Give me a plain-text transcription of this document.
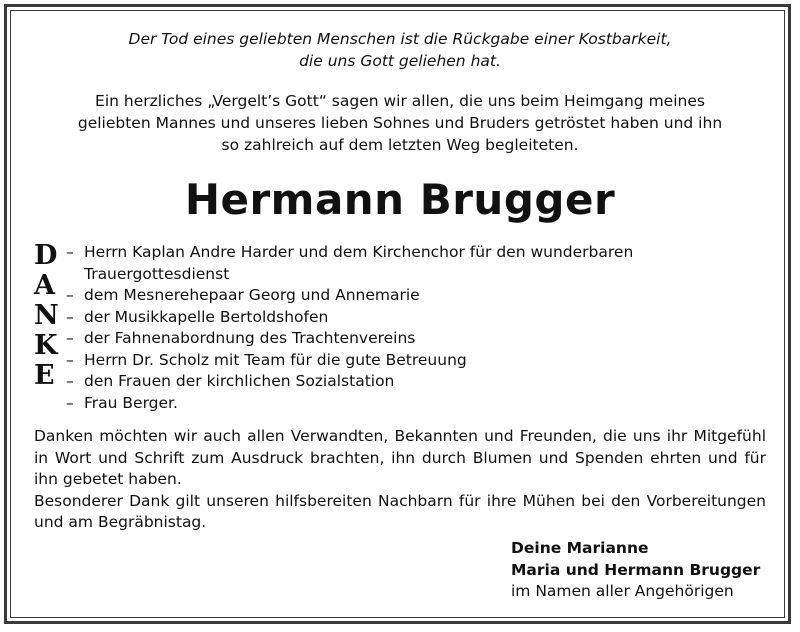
Der Tod eines geliebten Menschen ist die Rückgabe einer Kostbarkeit,
die uns Gott geliehen hat.
Ein herzliches „Vergelt’s Gott“ sagen wir allen, die uns beim Heimgang meines
geliebten Mannes und unseres lieben Sohnes und Bruders getröstet haben und ihn
so zahlreich auf dem letzten Weg begleiteten.
Hermann Brugger
D
A
N
K
E
– Herrn Kaplan Andre Harder und dem Kirchenchor für den wunderbaren Trauergottesdienst
– dem Mesnerehepaar Georg und Annemarie
– der Musikkapelle Bertoldshofen
– der Fahnenabordnung des Trachtenvereins
– Herrn Dr. Scholz mit Team für die gute Betreuung
– den Frauen der kirchlichen Sozialstation
– Frau Berger.

Danken möchten wir auch allen Verwandten, Bekannten und Freunden, die uns ihr Mitgefühl in Wort und Schrift zum Ausdruck brachten, ihn durch Blumen und Spenden ehrten und für ihn gebetet haben.

Besonderer Dank gilt unseren hilfsbereiten Nachbarn für ihre Mühen bei den Vorbereitungen und am Begräbnistag.

Deine Marianne
Maria und Hermann Brugger
im Namen aller Angehörigen
